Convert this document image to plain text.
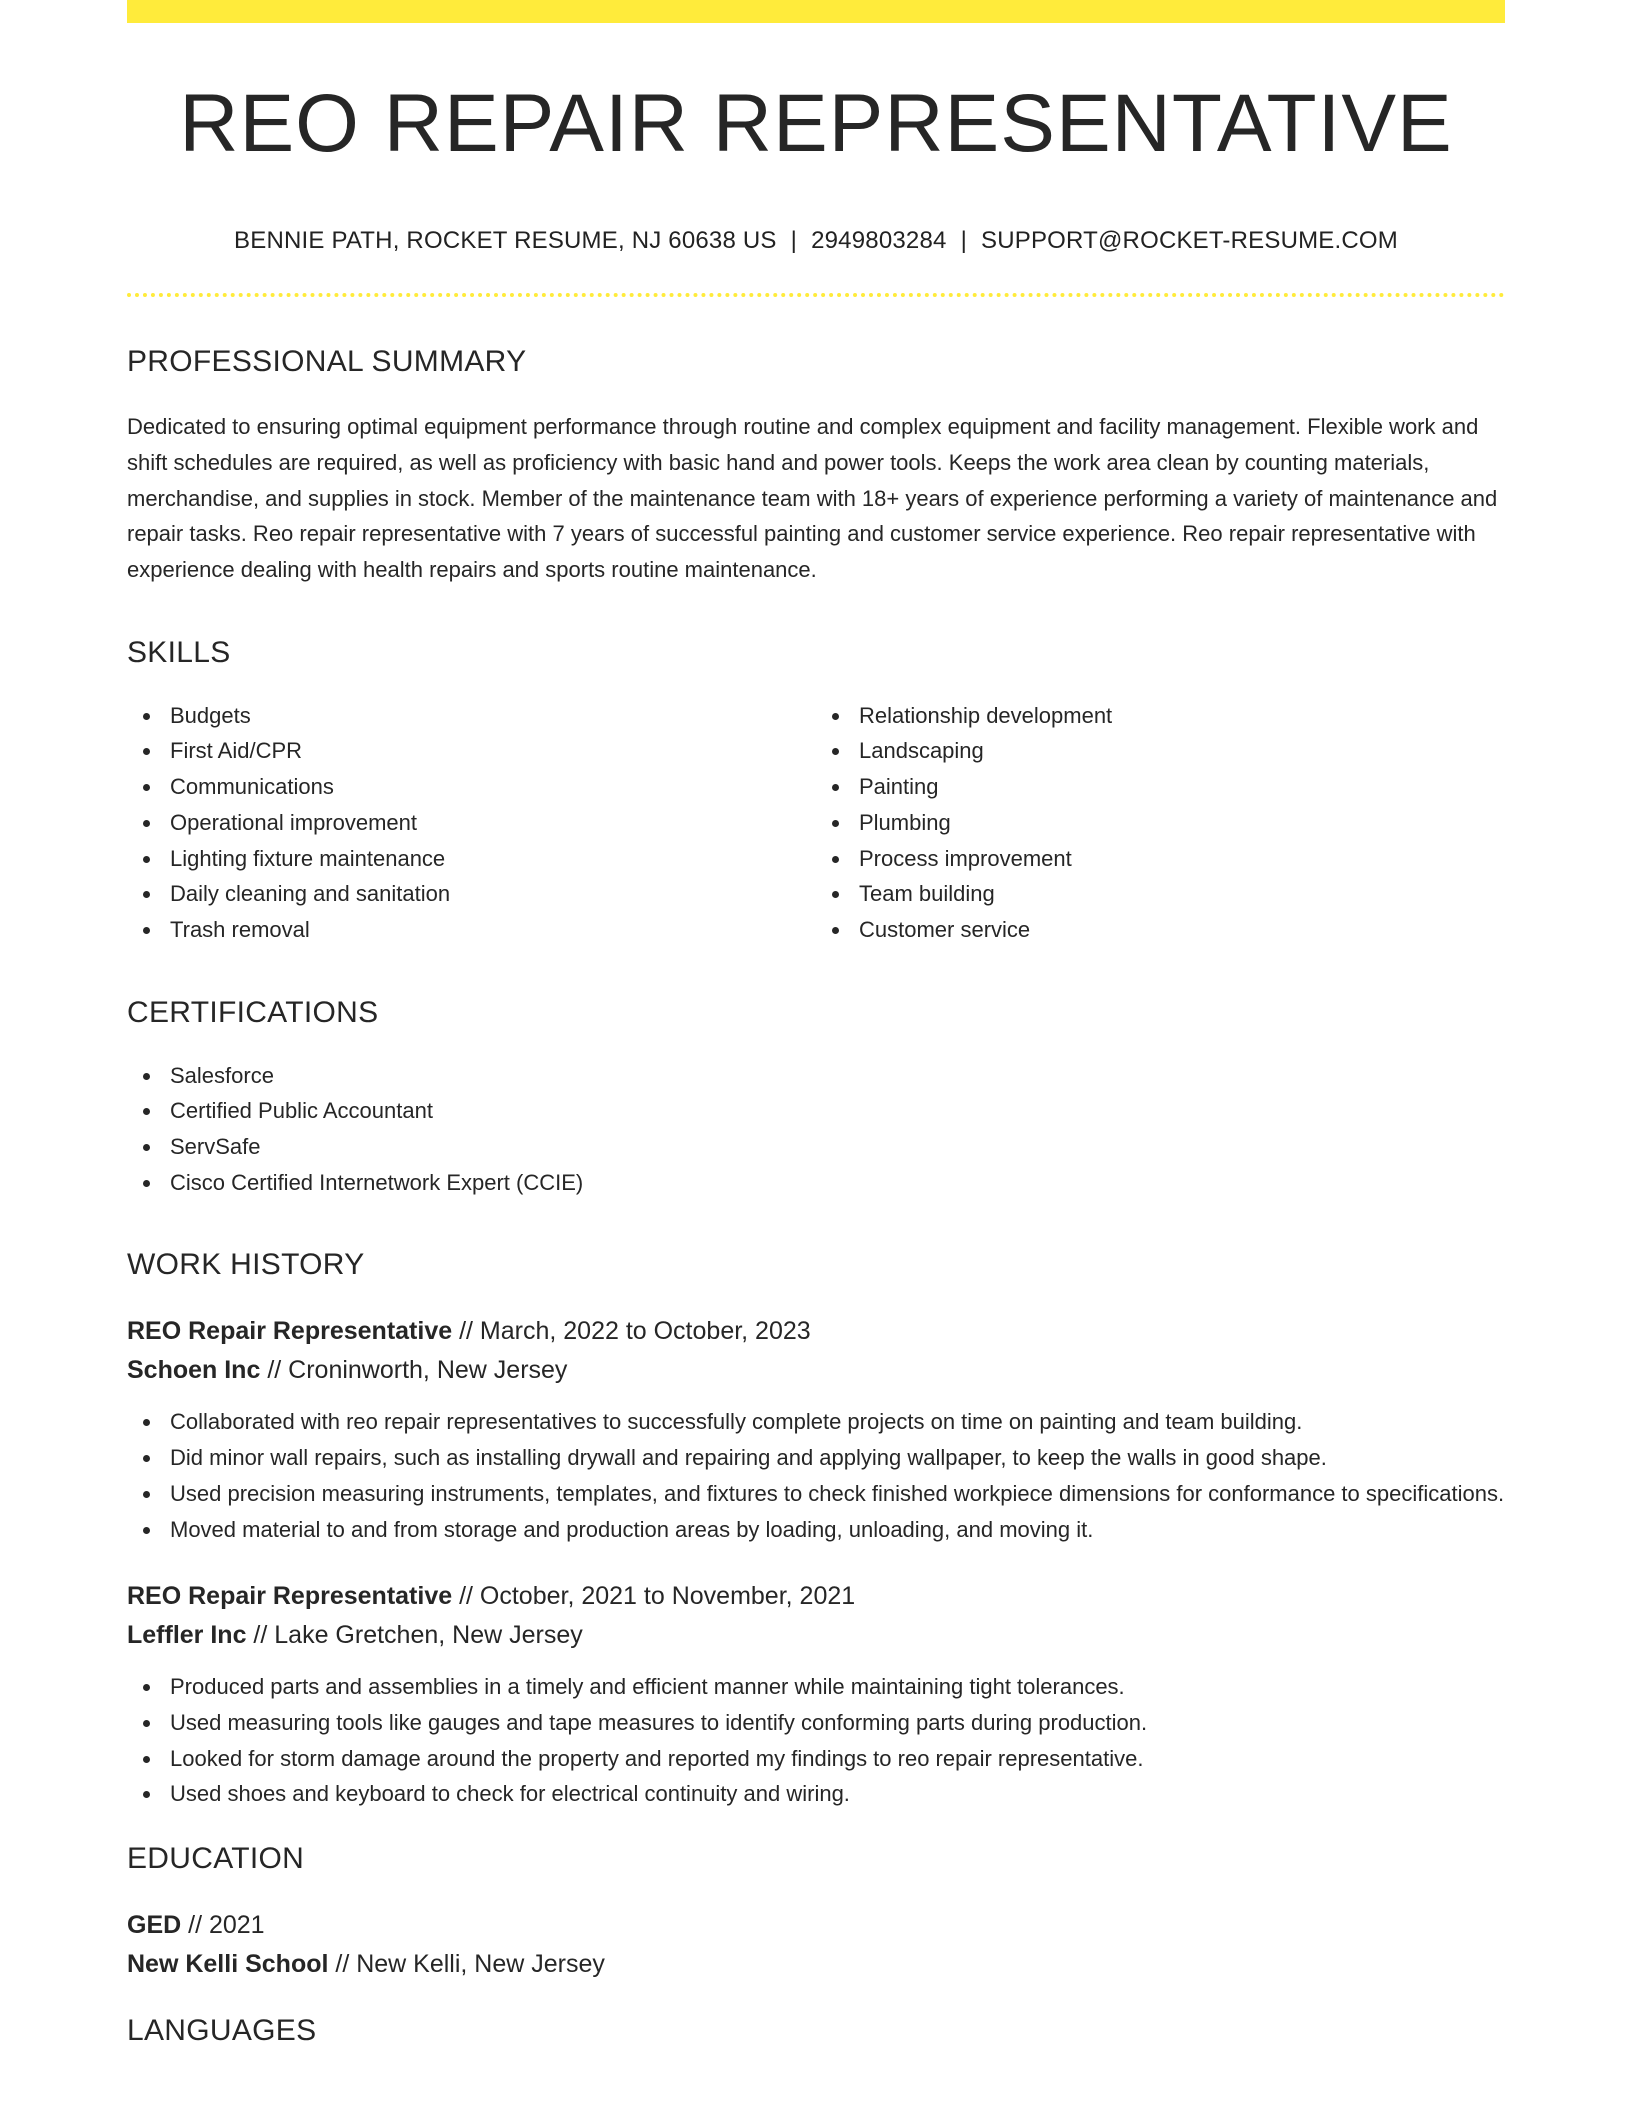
REO REPAIR REPRESENTATIVE
BENNIE PATH, ROCKET RESUME, NJ 60638 US | 2949803284 | SUPPORT@ROCKET-RESUME.COM
PROFESSIONAL SUMMARY

Dedicated to ensuring optimal equipment performance through routine and complex equipment and facility management. Flexible work and shift schedules are required, as well as proficiency with basic hand and power tools. Keeps the work area clean by counting materials, merchandise, and supplies in stock. Member of the maintenance team with 18+ years of experience performing a variety of maintenance and repair tasks. Reo repair representative with 7 years of successful painting and customer service experience. Reo repair representative with experience dealing with health repairs and sports routine maintenance.

SKILLS
Budgets
First Aid/CPR
Communications
Operational improvement
Lighting fixture maintenance
Daily cleaning and sanitation
Trash removal
Relationship development
Landscaping
Painting
Plumbing
Process improvement
Team building
Customer service
CERTIFICATIONS
Salesforce
Certified Public Accountant
ServSafe
Cisco Certified Internetwork Expert (CCIE)
WORK HISTORY
REO Repair Representative // March, 2022 to October, 2023
Schoen Inc // Croninworth, New Jersey
Collaborated with reo repair representatives to successfully complete projects on time on painting and team building.
Did minor wall repairs, such as installing drywall and repairing and applying wallpaper, to keep the walls in good shape.
Used precision measuring instruments, templates, and fixtures to check finished workpiece dimensions for conformance to specifications.
Moved material to and from storage and production areas by loading, unloading, and moving it.
REO Repair Representative // October, 2021 to November, 2021
Leffler Inc // Lake Gretchen, New Jersey
Produced parts and assemblies in a timely and efficient manner while maintaining tight tolerances.
Used measuring tools like gauges and tape measures to identify conforming parts during production.
Looked for storm damage around the property and reported my findings to reo repair representative.
Used shoes and keyboard to check for electrical continuity and wiring.
EDUCATION
GED // 2021
New Kelli School // New Kelli, New Jersey
LANGUAGES
